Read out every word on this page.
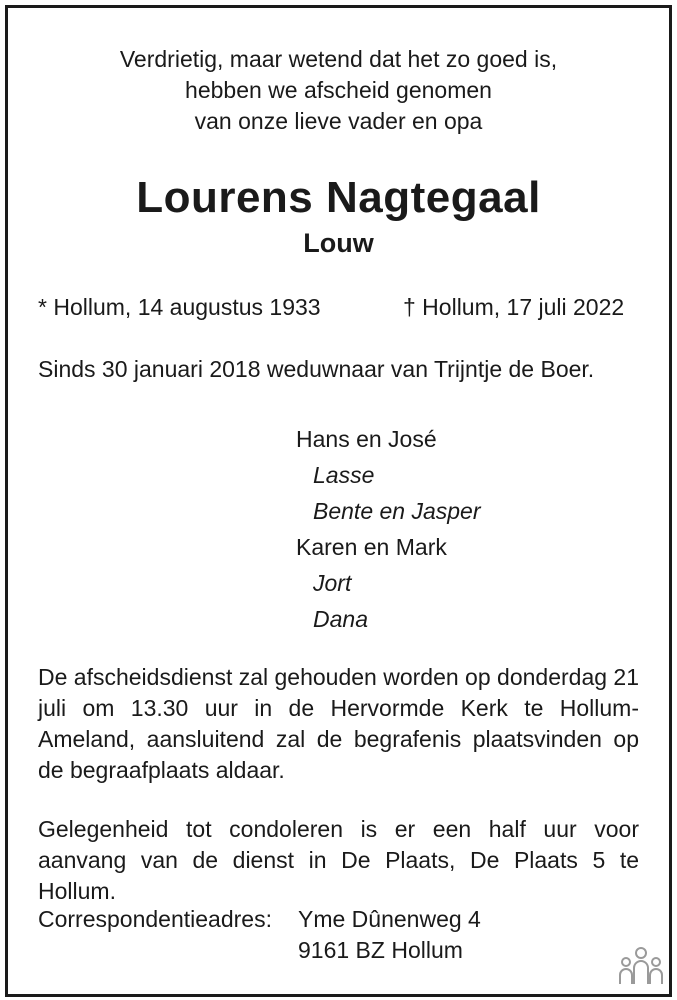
Verdrietig, maar wetend dat het zo goed is,
hebben we afscheid genomen
van onze lieve vader en opa
Lourens Nagtegaal
Louw
* Hollum, 14 augustus 1933	† Hollum, 17 juli 2022
Sinds 30 januari 2018 weduwnaar van Trijntje de Boer.
Hans en José
Lasse
Bente en Jasper
Karen en Mark
Jort
Dana
De afscheidsdienst zal gehouden worden op donderdag 21 juli om 13.30 uur in de Hervormde Kerk te Hollum-Ameland, aansluitend zal de begrafenis plaatsvinden op de begraafplaats aldaar.
Gelegenheid tot condoleren is er een half uur voor aanvang van de dienst in De Plaats, De Plaats 5 te Hollum.
Correspondentieadres: Yme Dûnenweg 4
9161 BZ Hollum
